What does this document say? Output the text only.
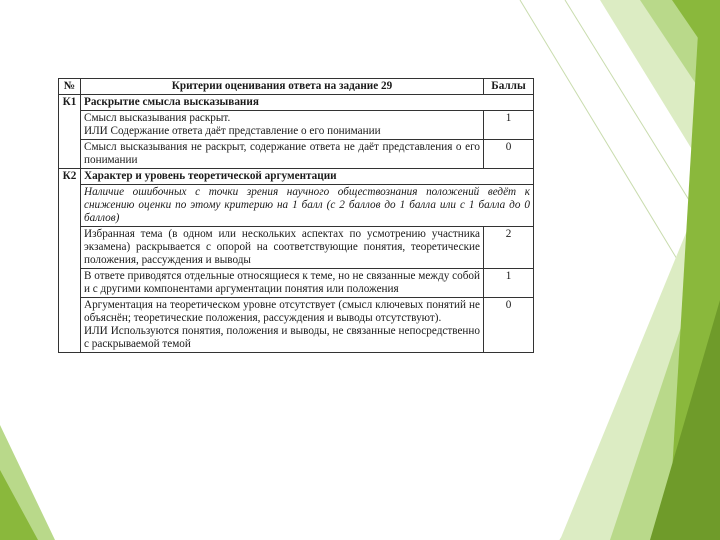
№	Критерии оценивания ответа на задание 29	Баллы
К1	Раскрытие смысла высказывания	

	Смысл высказывания раскрыт.
ИЛИ Содержание ответа даёт представление о его понимании	1

	Смысл высказывания не раскрыт, содержание ответа не даёт представления о его понимании	0
К2	Характер и уровень теоретической аргументации	
	Наличие ошибочных с точки зрения научного обществознания положений ведёт к снижению оценки по этому критерию на 1 балл (с 2 баллов до 1 балла или с 1 балла до 0 баллов)	

	Избранная тема (в одном или нескольких аспектах по усмотрению участника экзамена) раскрывается с опорой на соответствующие понятия, теоретические положения, рассуждения и выводы	2

	В ответе приводятся отдельные относящиеся к теме, но не связанные между собой и с другими компонентами аргументации понятия или положения	1

	Аргументация на теоретическом уровне отсутствует (смысл ключевых понятий не объяснён; теоретические положения, рассуждения и выводы отсутствуют).
ИЛИ Используются понятия, положения и выводы, не связанные непосредственно с раскрываемой темой	0
